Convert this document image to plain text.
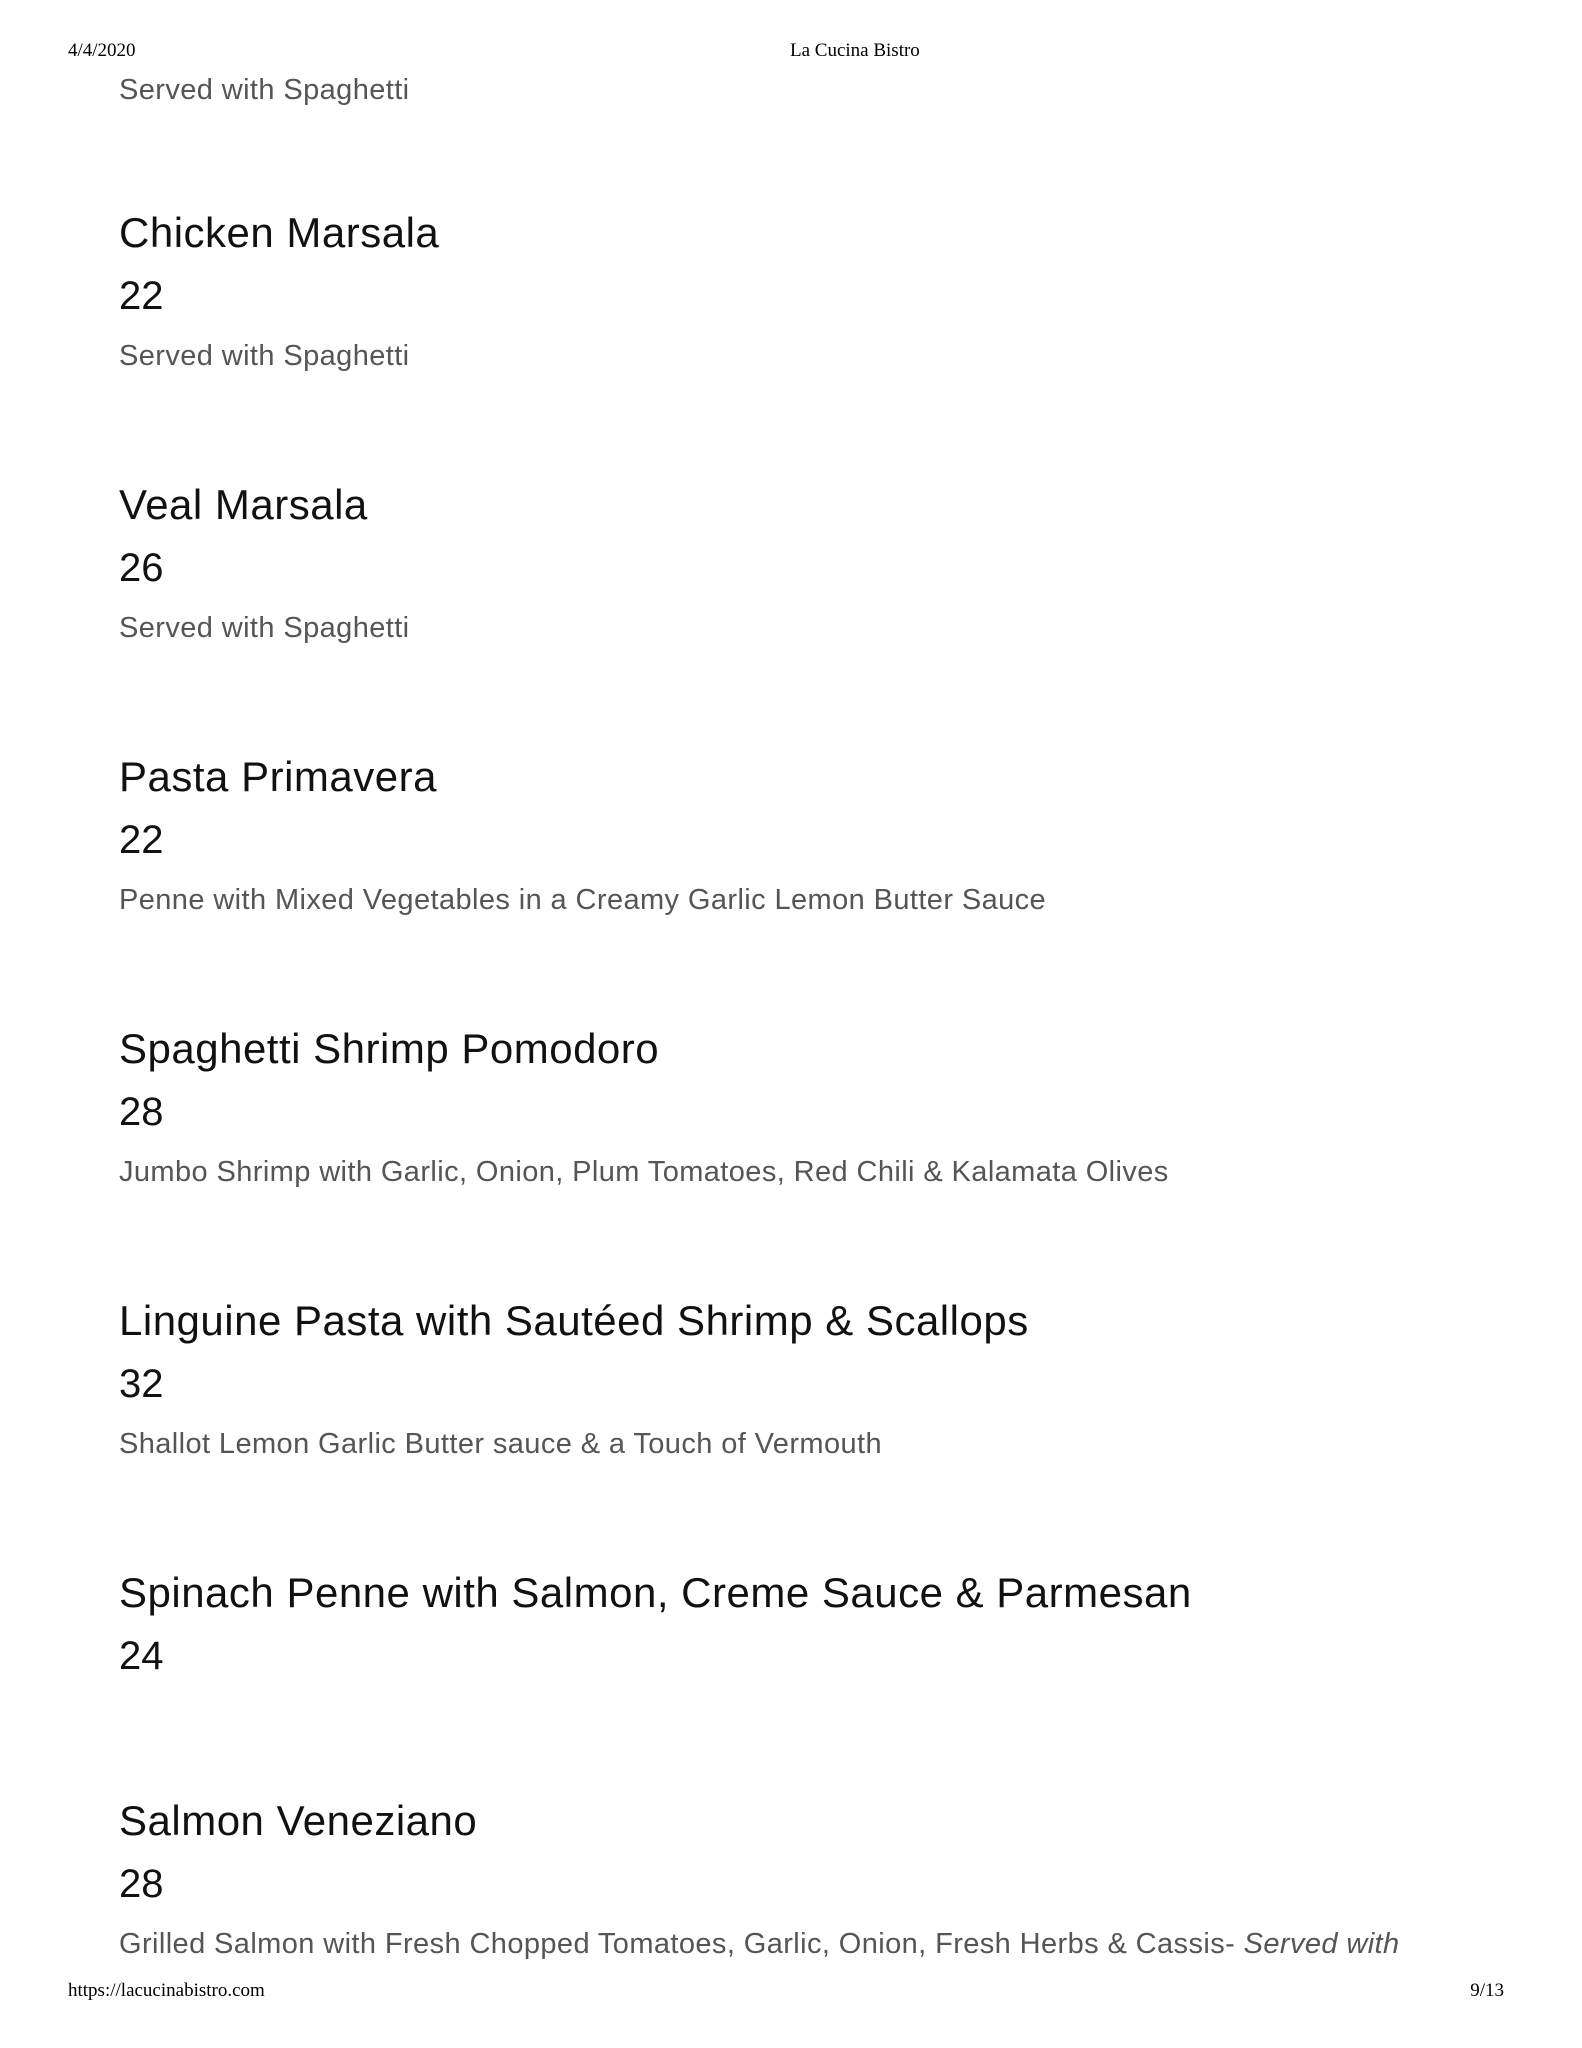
4/4/2020	La Cucina Bistro
Served with Spaghetti
Chicken Marsala
22
Served with Spaghetti
Veal Marsala
26
Served with Spaghetti
Pasta Primavera
22
Penne with Mixed Vegetables in a Creamy Garlic Lemon Butter Sauce
Spaghetti Shrimp Pomodoro
28
Jumbo Shrimp with Garlic, Onion, Plum Tomatoes, Red Chili & Kalamata Olives
Linguine Pasta with Sautéed Shrimp & Scallops
32
Shallot Lemon Garlic Butter sauce & a Touch of Vermouth
Spinach Penne with Salmon, Creme Sauce & Parmesan
24
Salmon Veneziano
28
Grilled Salmon with Fresh Chopped Tomatoes, Garlic, Onion, Fresh Herbs & Cassis- Served with
https://lacucinabistro.com	9/13
